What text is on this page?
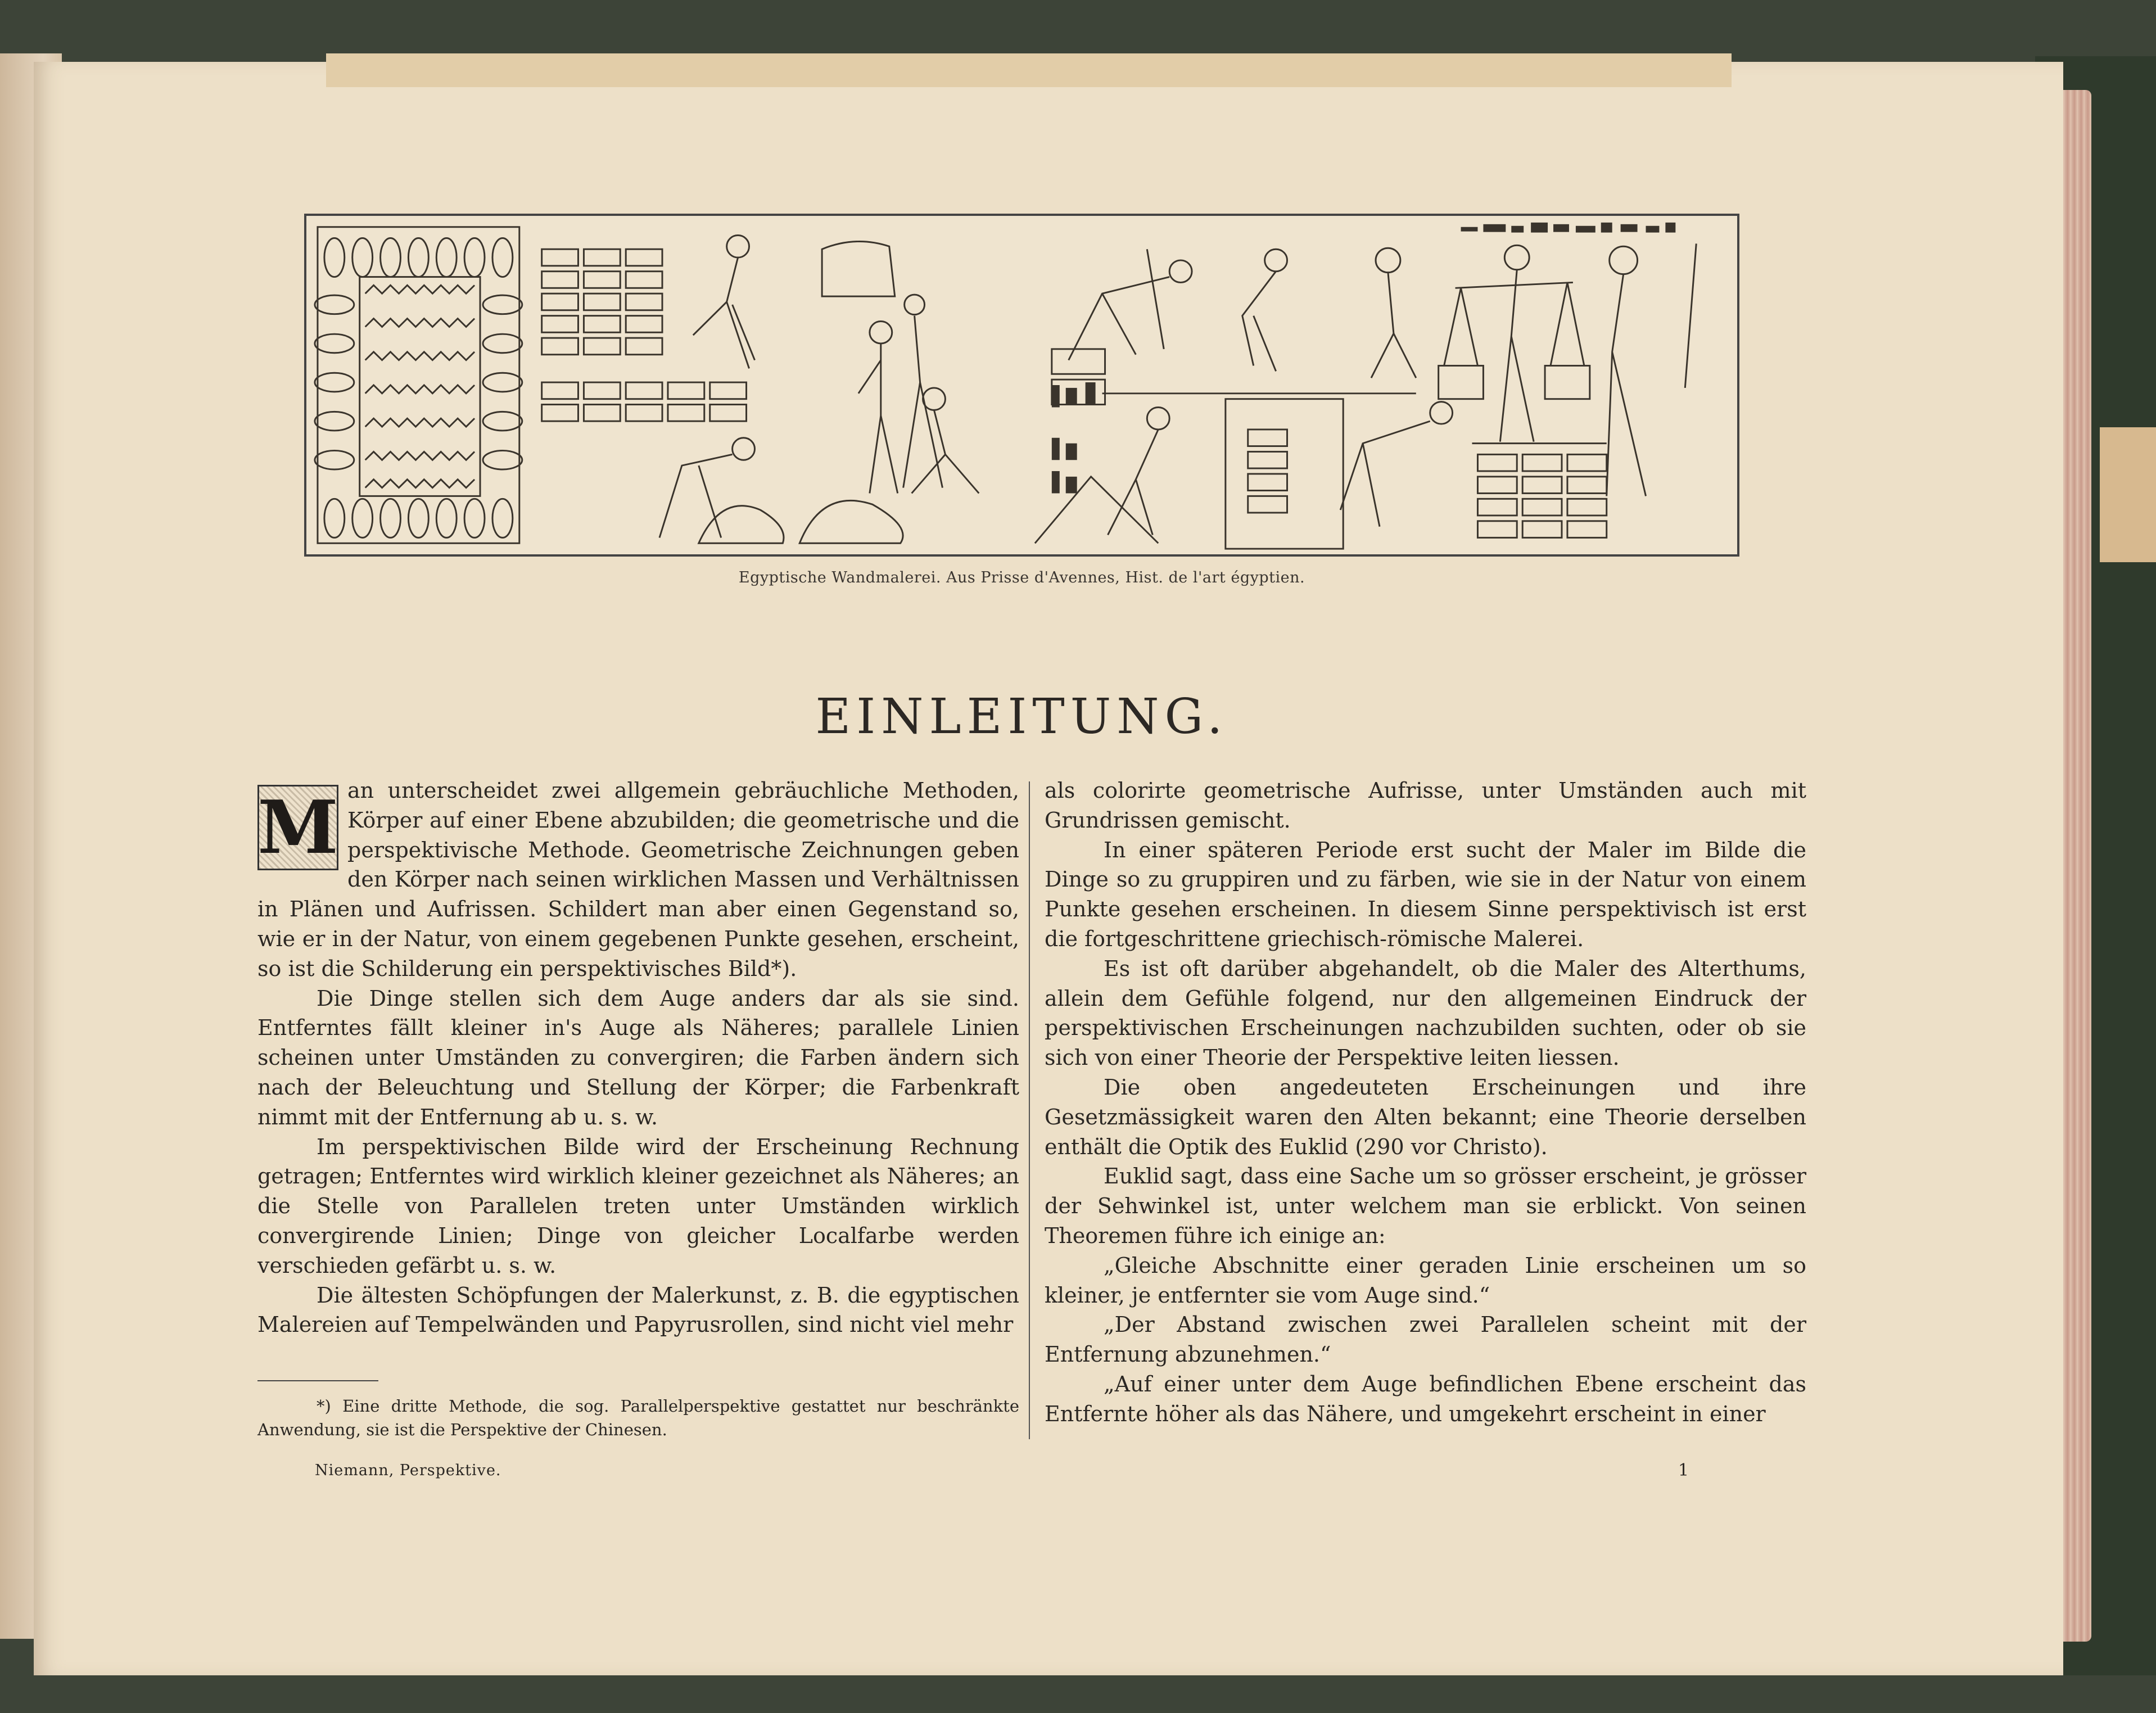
Egyptische Wandmalerei. Aus Prisse d'Avennes, Hist. de l'art égyptien.
EINLEITUNG.

M an unterscheidet zwei allgemein gebräuchliche Methoden, Körper auf einer Ebene abzubilden; die geometrische und die perspektivische Methode. Geometrische Zeichnungen geben den Körper nach seinen wirklichen Massen und Verhältnissen in Plänen und Aufrissen. Schildert man aber einen Gegenstand so, wie er in der Natur, von einem gegebenen Punkte gesehen, erscheint, so ist die Schilderung ein perspektivisches Bild*).

Die Dinge stellen sich dem Auge anders dar als sie sind. Entferntes fällt kleiner in's Auge als Näheres; parallele Linien scheinen unter Umständen zu convergiren; die Farben ändern sich nach der Beleuchtung und Stellung der Körper; die Farbenkraft nimmt mit der Entfernung ab u. s. w.

Im perspektivischen Bilde wird der Erscheinung Rechnung getragen; Entferntes wird wirklich kleiner gezeichnet als Näheres; an die Stelle von Parallelen treten unter Umständen wirklich convergirende Linien; Dinge von gleicher Localfarbe werden verschieden gefärbt u. s. w.

Die ältesten Schöpfungen der Malerkunst, z. B. die egyptischen Malereien auf Tempelwänden und Papyrusrollen, sind nicht viel mehr

als colorirte geometrische Aufrisse, unter Umständen auch mit Grundrissen gemischt.

In einer späteren Periode erst sucht der Maler im Bilde die Dinge so zu gruppiren und zu färben, wie sie in der Natur von einem Punkte gesehen erscheinen. In diesem Sinne perspektivisch ist erst die fortgeschrittene griechisch-römische Malerei.

Es ist oft darüber abgehandelt, ob die Maler des Alterthums, allein dem Gefühle folgend, nur den allgemeinen Eindruck der perspektivischen Erscheinungen nachzubilden suchten, oder ob sie sich von einer Theorie der Perspektive leiten liessen.

Die oben angedeuteten Erscheinungen und ihre Gesetzmässigkeit waren den Alten bekannt; eine Theorie derselben enthält die Optik des Euklid (290 vor Christo).

Euklid sagt, dass eine Sache um so grösser erscheint, je grösser der Sehwinkel ist, unter welchem man sie erblickt. Von seinen Theoremen führe ich einige an:

„Gleiche Abschnitte einer geraden Linie erscheinen um so kleiner, je entfernter sie vom Auge sind.“

„Der Abstand zwischen zwei Parallelen scheint mit der Entfernung abzunehmen.“

„Auf einer unter dem Auge befindlichen Ebene erscheint das Entfernte höher als das Nähere, und umgekehrt erscheint in einer

*) Eine dritte Methode, die sog. Parallelperspektive gestattet nur beschränkte Anwendung, sie ist die Perspektive der Chinesen.
Niemann, Perspektive.	1
